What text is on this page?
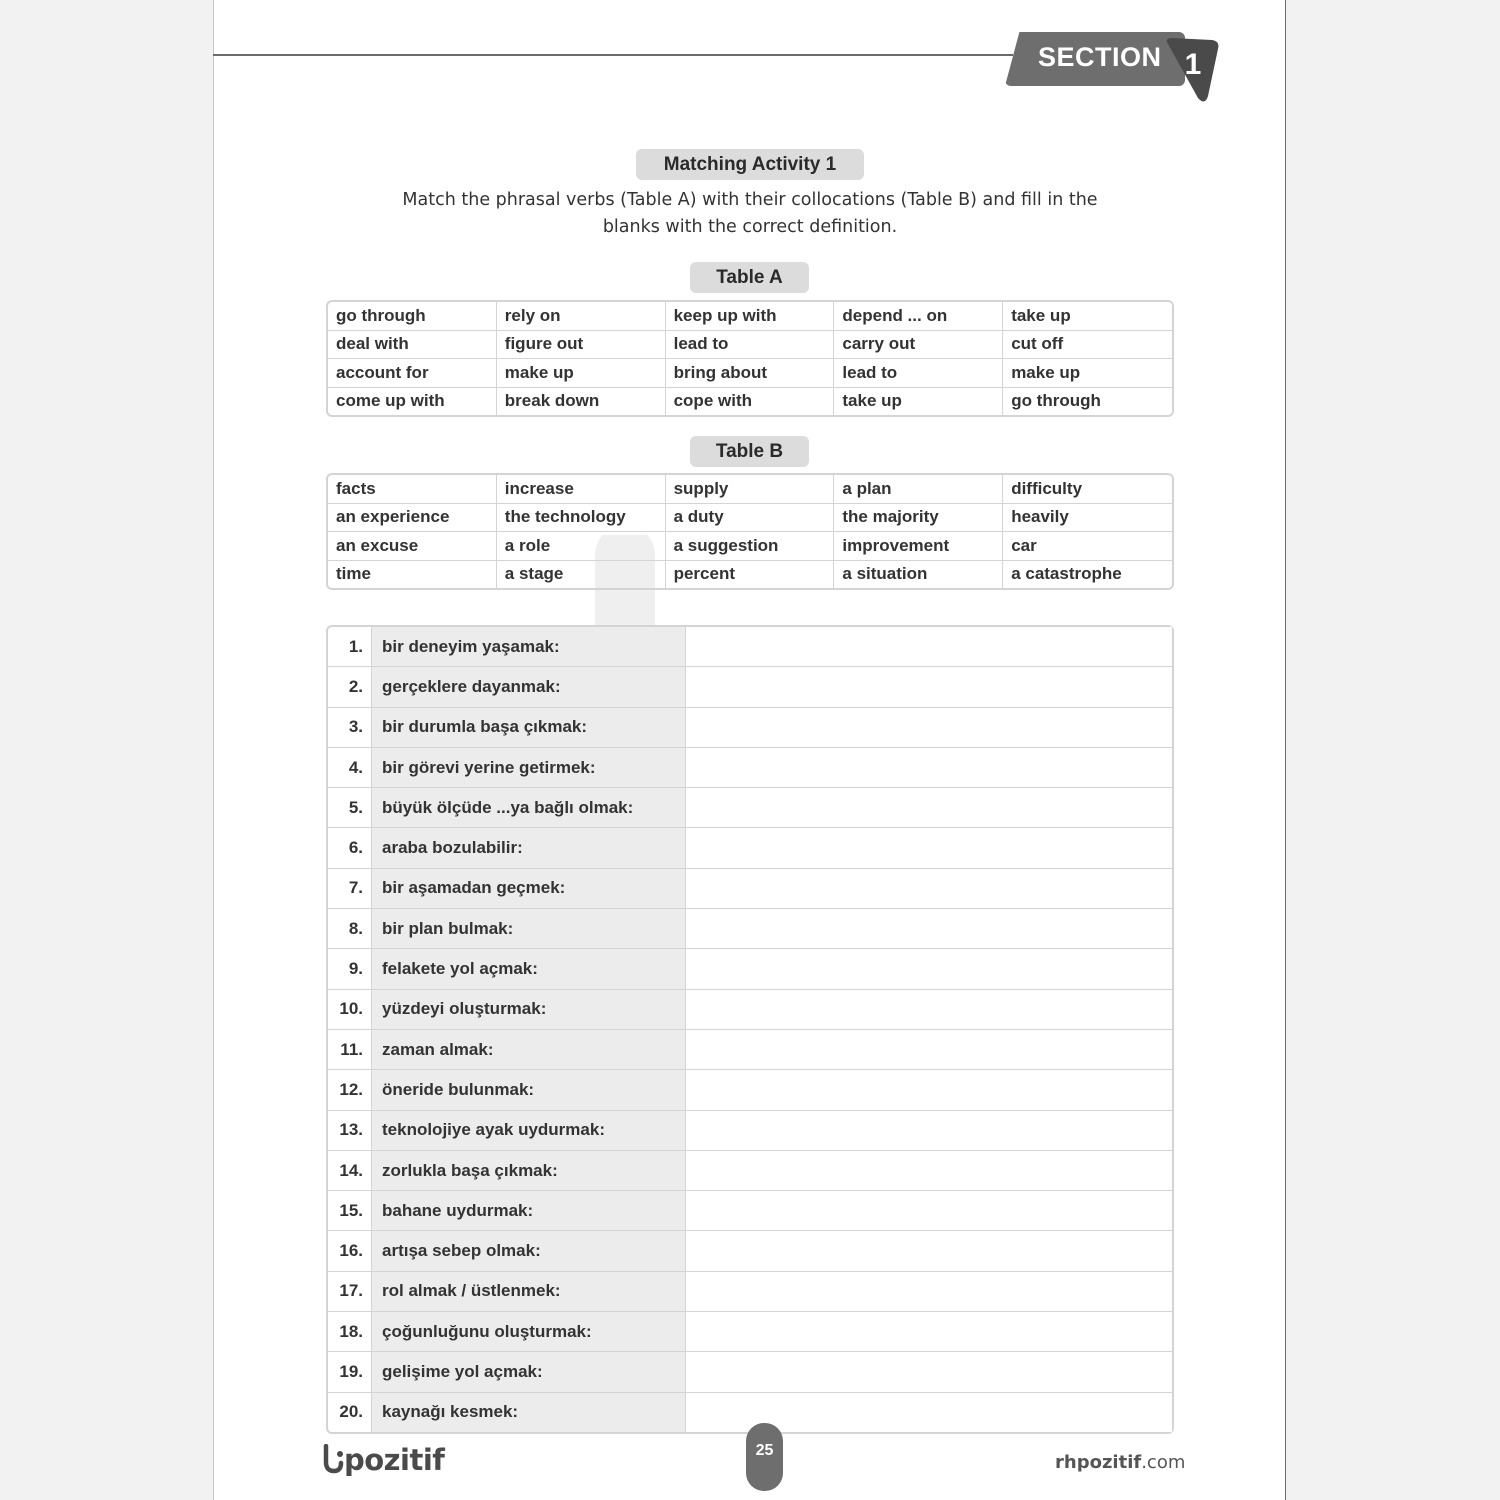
SECTION 1
Matching Activity 1
Match the phrasal verbs (Table A) with their collocations (Table B) and fill in the
blanks with the correct definition.
Table A
go through	rely on	keep up with	depend ... on	take up
deal with	figure out	lead to	carry out	cut off
account for	make up	bring about	lead to	make up
come up with	break down	cope with	take up	go through
Table B
facts	increase	supply	a plan	difficulty
an experience	the technology	a duty	the majority	heavily
an excuse	a role	a suggestion	improvement	car
time	a stage	percent	a situation	a catastrophe
1.	bir deneyim yaşamak:	
2.	gerçeklere dayanmak:	
3.	bir durumla başa çıkmak:	
4.	bir görevi yerine getirmek:	
5.	büyük ölçüde ...ya bağlı olmak:	
6.	araba bozulabilir:	
7.	bir aşamadan geçmek:	
8.	bir plan bulmak:	
9.	felakete yol açmak:	
10.	yüzdeyi oluşturmak:	
11.	zaman almak:	
12.	öneride bulunmak:	
13.	teknolojiye ayak uydurmak:	
14.	zorlukla başa çıkmak:	
15.	bahane uydurmak:	
16.	artışa sebep olmak:	
17.	rol almak / üstlenmek:	
18.	çoğunluğunu oluşturmak:	
19.	gelişime yol açmak:	
20.	kaynağı kesmek:	
pozitif	25
rhpozitif.com
